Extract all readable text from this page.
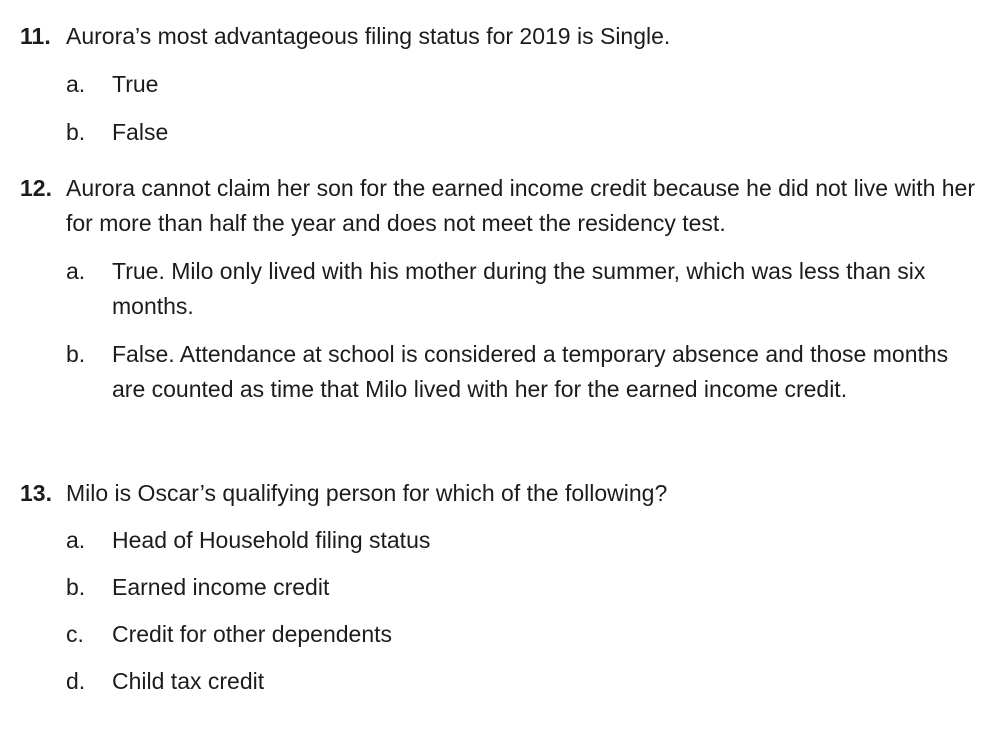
11. Aurora’s most advantageous filing status for 2019 is Single.
a.	True
b.	False
12. Aurora cannot claim her son for the earned income credit because he did not live with her for more than half the year and does not meet the residency test.
a.	True. Milo only lived with his mother during the summer, which was less than six months.
b.	False. Attendance at school is considered a temporary absence and those months are counted as time that Milo lived with her for the earned income credit.
13. Milo is Oscar’s qualifying person for which of the following?
a.	Head of Household filing status
b.	Earned income credit
c.	Credit for other dependents
d.	Child tax credit
